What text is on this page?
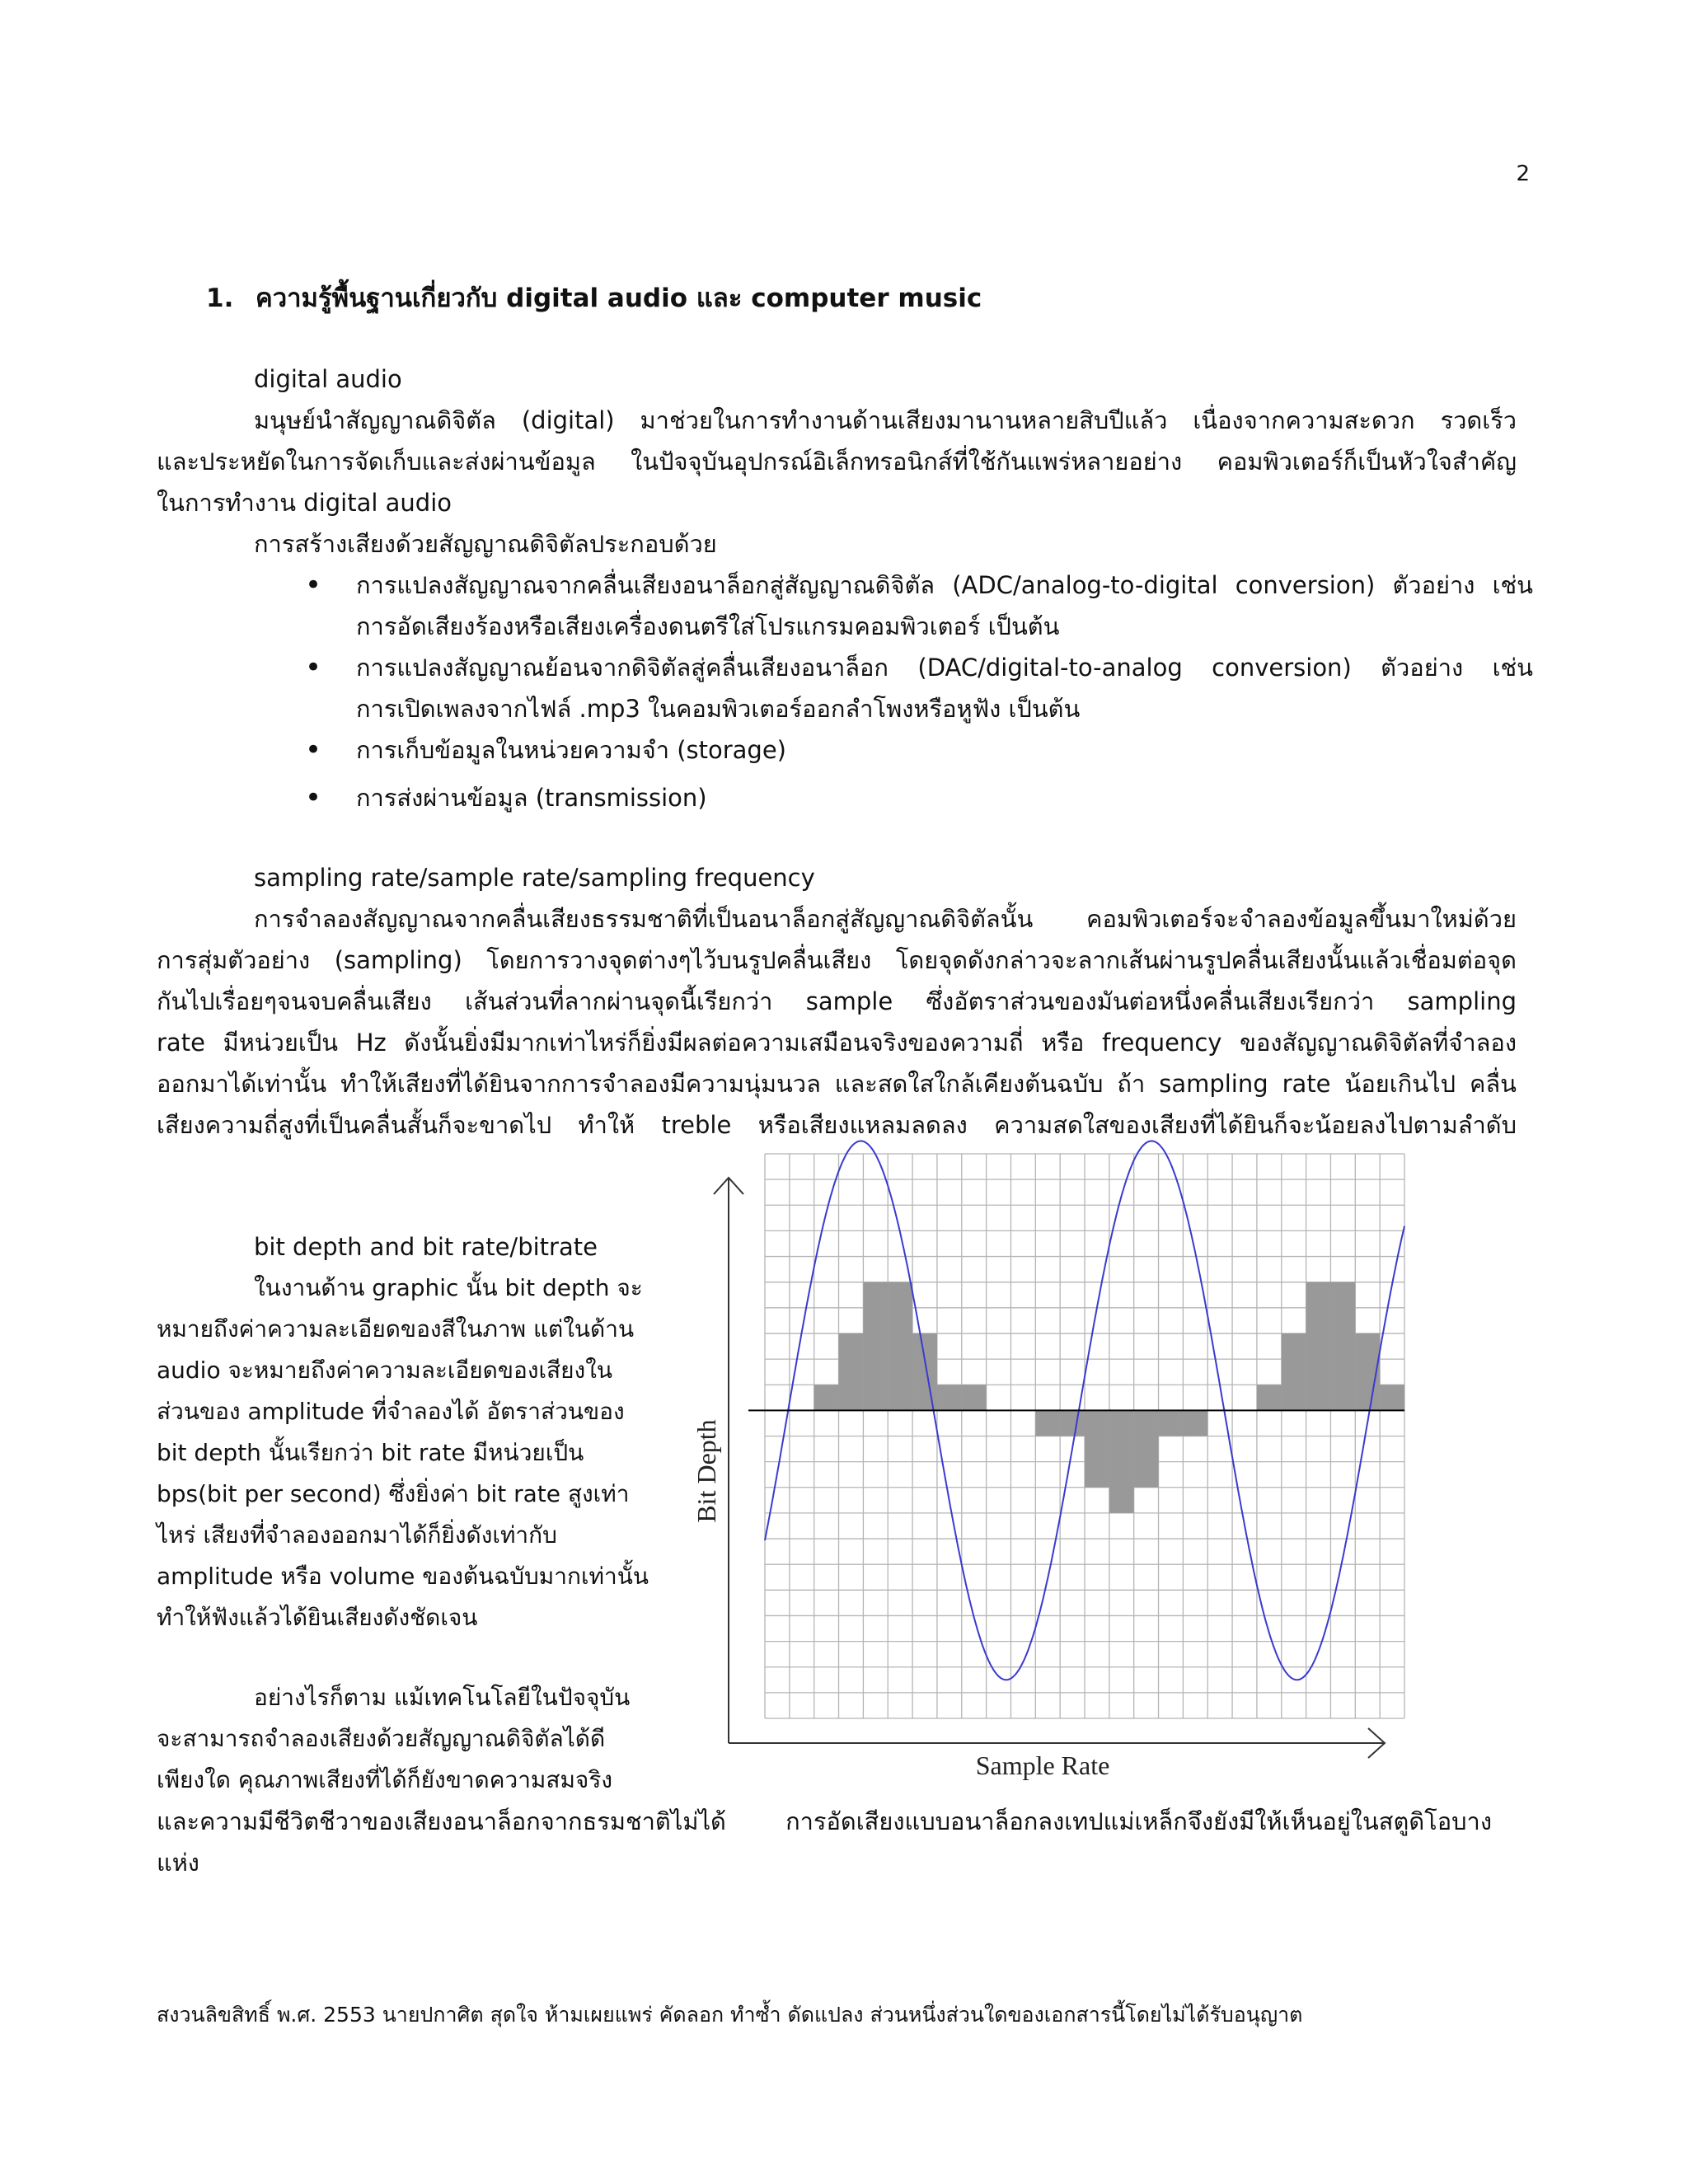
2
1. ความรู้พื้นฐานเกี่ยวกับ digital audio และ computer music
digital audio
มนุษย์นำสัญญาณดิจิตัล (digital) มาช่วยในการทำงานด้านเสียงมานานหลายสิบปีแล้ว เนื่องจากความสะดวก รวดเร็ว
และประหยัดในการจัดเก็บและส่งผ่านข้อมูล ในปัจจุบันอุปกรณ์อิเล็กทรอนิกส์ที่ใช้กันแพร่หลายอย่าง คอมพิวเตอร์ก็เป็นหัวใจสำคัญ
ในการทำงาน digital audio
การสร้างเสียงด้วยสัญญาณดิจิตัลประกอบด้วย
• การแปลงสัญญาณจากคลื่นเสียงอนาล็อกสู่สัญญาณดิจิตัล (ADC/analog-to-digital conversion) ตัวอย่าง เช่น
การอัดเสียงร้องหรือเสียงเครื่องดนตรีใส่โปรแกรมคอมพิวเตอร์ เป็นต้น
• การแปลงสัญญาณย้อนจากดิจิตัลสู่คลื่นเสียงอนาล็อก (DAC/digital-to-analog conversion) ตัวอย่าง เช่น
การเปิดเพลงจากไฟล์ .mp3 ในคอมพิวเตอร์ออกลำโพงหรือหูฟัง เป็นต้น
• การเก็บข้อมูลในหน่วยความจำ (storage)
• การส่งผ่านข้อมูล (transmission)
sampling rate/sample rate/sampling frequency
การจำลองสัญญาณจากคลื่นเสียงธรรมชาติที่เป็นอนาล็อกสู่สัญญาณดิจิตัลนั้น คอมพิวเตอร์จะจำลองข้อมูลขึ้นมาใหม่ด้วย
การสุ่มตัวอย่าง (sampling) โดยการวางจุดต่างๆไว้บนรูปคลื่นเสียง โดยจุดดังกล่าวจะลากเส้นผ่านรูปคลื่นเสียงนั้นแล้วเชื่อมต่อจุด
กันไปเรื่อยๆจนจบคลื่นเสียง เส้นส่วนที่ลากผ่านจุดนี้เรียกว่า sample ซึ่งอัตราส่วนของมันต่อหนึ่งคลื่นเสียงเรียกว่า sampling
rate มีหน่วยเป็น Hz ดังนั้นยิ่งมีมากเท่าไหร่ก็ยิ่งมีผลต่อความเสมือนจริงของความถี่ หรือ frequency ของสัญญาณดิจิตัลที่จำลอง
ออกมาได้เท่านั้น ทำให้เสียงที่ได้ยินจากการจำลองมีความนุ่มนวล และสดใสใกล้เคียงต้นฉบับ ถ้า sampling rate น้อยเกินไป คลื่น
เสียงความถี่สูงที่เป็นคลื่นสั้นก็จะขาดไป ทำให้ treble หรือเสียงแหลมลดลง ความสดใสของเสียงที่ได้ยินก็จะน้อยลงไปตามลำดับ
bit depth and bit rate/bitrate
ในงานด้าน graphic นั้น bit depth จะ
หมายถึงค่าความละเอียดของสีในภาพ แต่ในด้าน
audio จะหมายถึงค่าความละเอียดของเสียงใน
ส่วนของ amplitude ที่จำลองได้ อัตราส่วนของ
bit depth นั้นเรียกว่า bit rate มีหน่วยเป็น
bps(bit per second) ซึ่งยิ่งค่า bit rate สูงเท่า
ไหร่ เสียงที่จำลองออกมาได้ก็ยิ่งดังเท่ากับ
amplitude หรือ volume ของต้นฉบับมากเท่านั้น
ทำให้ฟังแล้วได้ยินเสียงดังชัดเจน
อย่างไรก็ตาม แม้เทคโนโลยีในปัจจุบัน
จะสามารถจำลองเสียงด้วยสัญญาณดิจิตัลได้ดี
เพียงใด คุณภาพเสียงที่ได้ก็ยังขาดความสมจริง
และความมีชีวิตชีวาของเสียงอนาล็อกจากธรมชาติไม่ได้ การอัดเสียงแบบอนาล็อกลงเทปแม่เหล็กจึงยังมีให้เห็นอยู่ในสตูดิโอบาง
แห่ง
Sample Rate
Bit Depth
สงวนลิขสิทธิ์ พ.ศ. 2553 นายปกาศิต สุดใจ ห้ามเผยแพร่ คัดลอก ทำซ้ำ ดัดแปลง ส่วนหนึ่งส่วนใดของเอกสารนี้โดยไม่ได้รับอนุญาต
